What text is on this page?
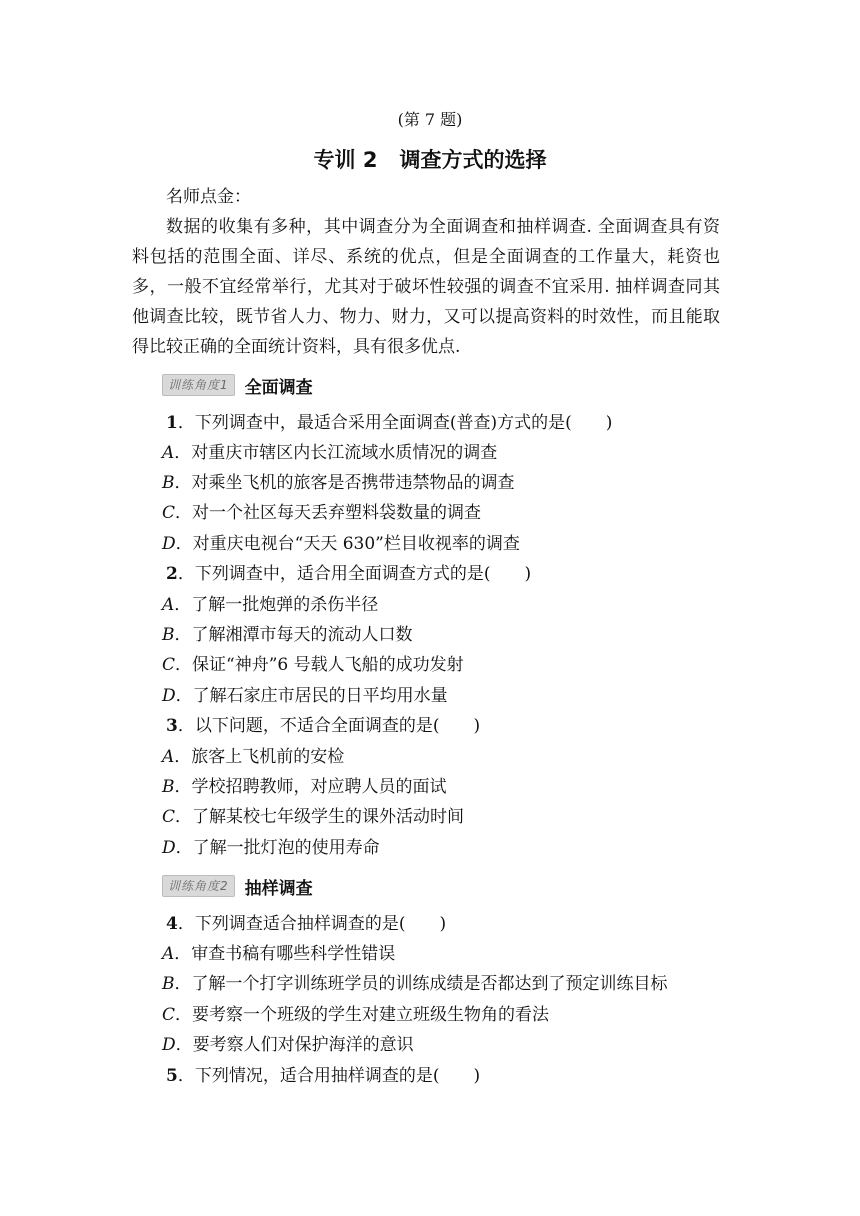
(第 7 题)
专训 2 调查方式的选择
名师点金：
数据的收集有多种，其中调查分为全面调查和抽样调查. 全面调查具有资料包括的范围全面、详尽、系统的优点，但是全面调查的工作量大，耗资也多，一般不宜经常举行，尤其对于破坏性较强的调查不宜采用. 抽样调查同其他调查比较，既节省人力、物力、财力，又可以提高资料的时效性，而且能取得比较正确的全面统计资料，具有很多优点.
训练角度1 全面调查
1．下列调查中，最适合采用全面调查(普查)方式的是(　　)
A．对重庆市辖区内长江流域水质情况的调查
B．对乘坐飞机的旅客是否携带违禁物品的调查
C．对一个社区每天丢弃塑料袋数量的调查
D．对重庆电视台“天天 630”栏目收视率的调查
2．下列调查中，适合用全面调查方式的是(　　)
A．了解一批炮弹的杀伤半径
B．了解湘潭市每天的流动人口数
C．保证“神舟”6 号载人飞船的成功发射
D．了解石家庄市居民的日平均用水量
3．以下问题，不适合全面调查的是(　　)
A．旅客上飞机前的安检
B．学校招聘教师，对应聘人员的面试
C．了解某校七年级学生的课外活动时间
D．了解一批灯泡的使用寿命
训练角度2 抽样调查
4．下列调查适合抽样调查的是(　　)
A．审查书稿有哪些科学性错误
B．了解一个打字训练班学员的训练成绩是否都达到了预定训练目标
C．要考察一个班级的学生对建立班级生物角的看法
D．要考察人们对保护海洋的意识
5．下列情况，适合用抽样调查的是(　　)
